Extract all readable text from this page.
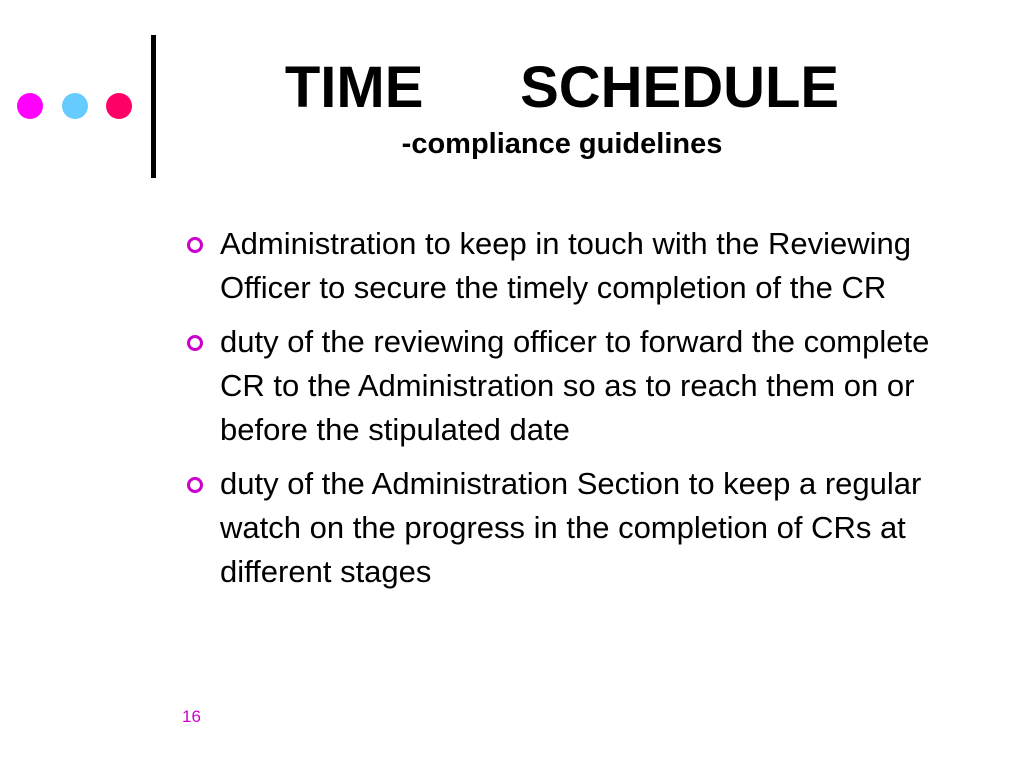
TIME      SCHEDULE
-compliance guidelines
Administration to keep in touch with the Reviewing Officer to secure the timely completion of the CR
duty of the reviewing officer to forward the complete CR to the Administration so as to reach them on or before the stipulated date
duty of the Administration Section to keep a regular watch on the progress in the completion of CRs at different stages
16
